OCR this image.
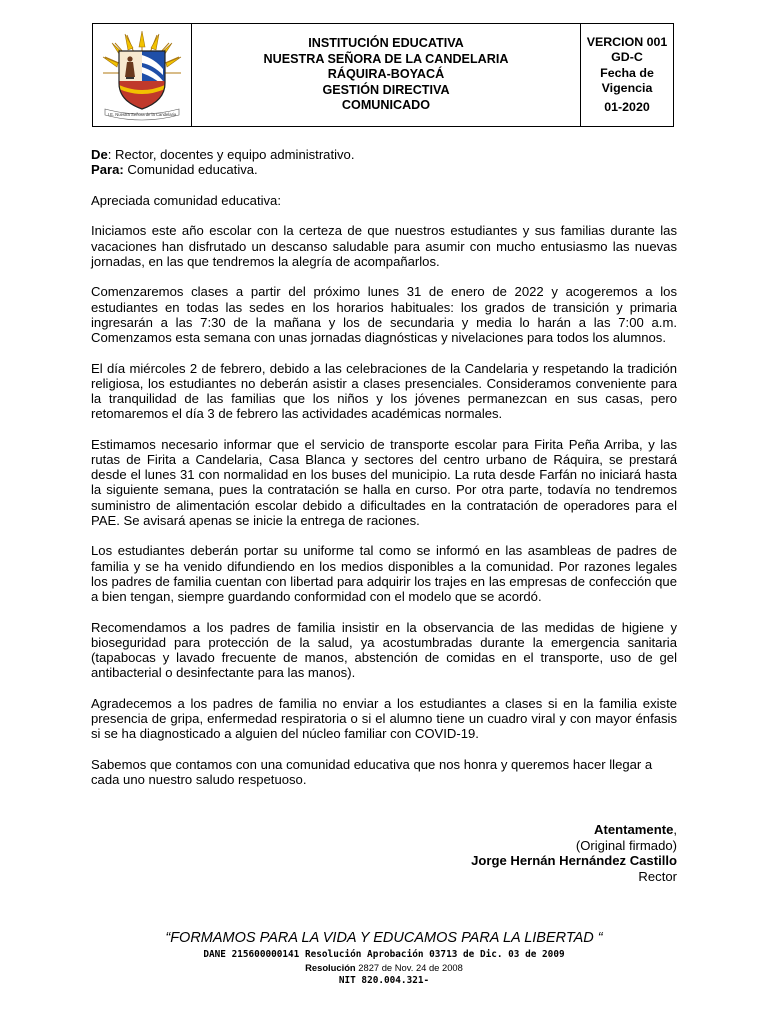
I.E. Nuestra Señora de la Candelaria

INSTITUCIÓN EDUCATIVA
NUESTRA SEÑORA DE LA CANDELARIA
RÁQUIRA-BOYACÁ
GESTIÓN DIRECTIVA
COMUNICADO

VERCION 001
GD-C
Fecha de
Vigencia
01-2020
De: Rector, docentes y equipo administrativo.
Para: Comunidad educativa.

Apreciada comunidad educativa:

Iniciamos este año escolar con la certeza de que nuestros estudiantes y sus familias durante las vacaciones han disfrutado un descanso saludable para asumir con mucho entusiasmo las nuevas jornadas, en las que tendremos la alegría de acompañarlos.

Comenzaremos clases a partir del próximo lunes 31 de enero de 2022 y acogeremos a los estudiantes en todas las sedes en los horarios habituales: los grados de transición y primaria ingresarán a las 7:30 de la mañana y los de secundaria y media lo harán a las 7:00 a.m. Comenzamos esta semana con unas jornadas diagnósticas y nivelaciones para todos los alumnos.

El día miércoles 2 de febrero, debido a las celebraciones de la Candelaria y respetando la tradición religiosa, los estudiantes no deberán asistir a clases presenciales. Consideramos conveniente para la tranquilidad de las familias que los niños y los jóvenes permanezcan en sus casas, pero retomaremos el día 3 de febrero las actividades académicas normales.

Estimamos necesario informar que el servicio de transporte escolar para Firita Peña Arriba, y las rutas de Firita a Candelaria, Casa Blanca y sectores del centro urbano de Ráquira, se prestará desde el lunes 31 con normalidad en los buses del municipio. La ruta desde Farfán no iniciará hasta la siguiente semana, pues la contratación se halla en curso. Por otra parte, todavía no tendremos suministro de alimentación escolar debido a dificultades en la contratación de operadores para el PAE. Se avisará apenas se inicie la entrega de raciones.

Los estudiantes deberán portar su uniforme tal como se informó en las asambleas de padres de familia y se ha venido difundiendo en los medios disponibles a la comunidad. Por razones legales los padres de familia cuentan con libertad para adquirir los trajes en las empresas de confección que a bien tengan, siempre guardando conformidad con el modelo que se acordó.

Recomendamos a los padres de familia insistir en la observancia de las medidas de higiene y bioseguridad para protección de la salud, ya acostumbradas durante la emergencia sanitaria (tapabocas y lavado frecuente de manos, abstención de comidas en el transporte, uso de gel antibacterial o desinfectante para las manos).

Agradecemos a los padres de familia no enviar a los estudiantes a clases si en la familia existe presencia de gripa, enfermedad respiratoria o si el alumno tiene un cuadro viral y con mayor énfasis si se ha diagnosticado a alguien del núcleo familiar con COVID-19.

Sabemos que contamos con una comunidad educativa que nos honra y queremos hacer llegar a cada uno nuestro saludo respetuoso.

Atentamente,
(Original firmado)
Jorge Hernán Hernández Castillo
Rector
“FORMAMOS PARA LA VIDA Y EDUCAMOS PARA LA LIBERTAD “
DANE 215600000141 Resolución Aprobación 03713 de Dic. 03 de 2009
Resolución 2827 de Nov. 24 de 2008
NIT 820.004.321-
